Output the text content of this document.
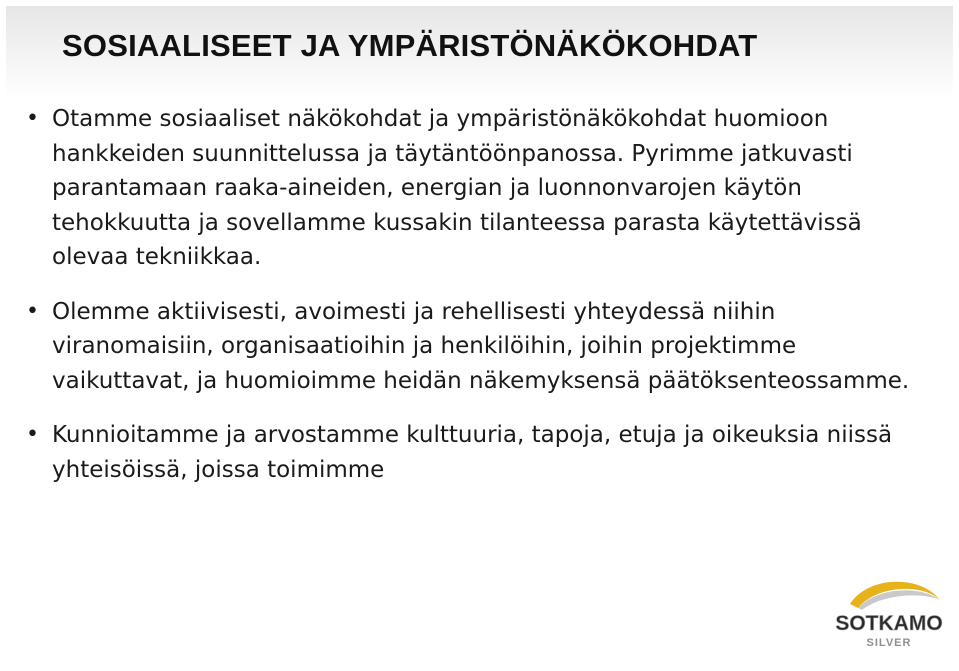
SOSIAALISEET JA YMPÄRISTÖNÄKÖKOHDAT
• Otamme sosiaaliset näkökohdat ja ympäristönäkökohdat huomioon hankkeiden suunnittelussa ja täytäntöönpanossa. Pyrimme jatkuvasti parantamaan raaka-aineiden, energian ja luonnonvarojen käytön tehokkuutta ja sovellamme kussakin tilanteessa parasta käytettävissä olevaa tekniikkaa.
• Olemme aktiivisesti, avoimesti ja rehellisesti yhteydessä niihin viranomaisiin, organisaatioihin ja henkilöihin, joihin projektimme vaikuttavat, ja huomioimme heidän näkemyksensä päätöksenteossamme.
• Kunnioitamme ja arvostamme kulttuuria, tapoja, etuja ja oikeuksia niissä yhteisöissä, joissa toimimme
SOTKAMO
SILVER
